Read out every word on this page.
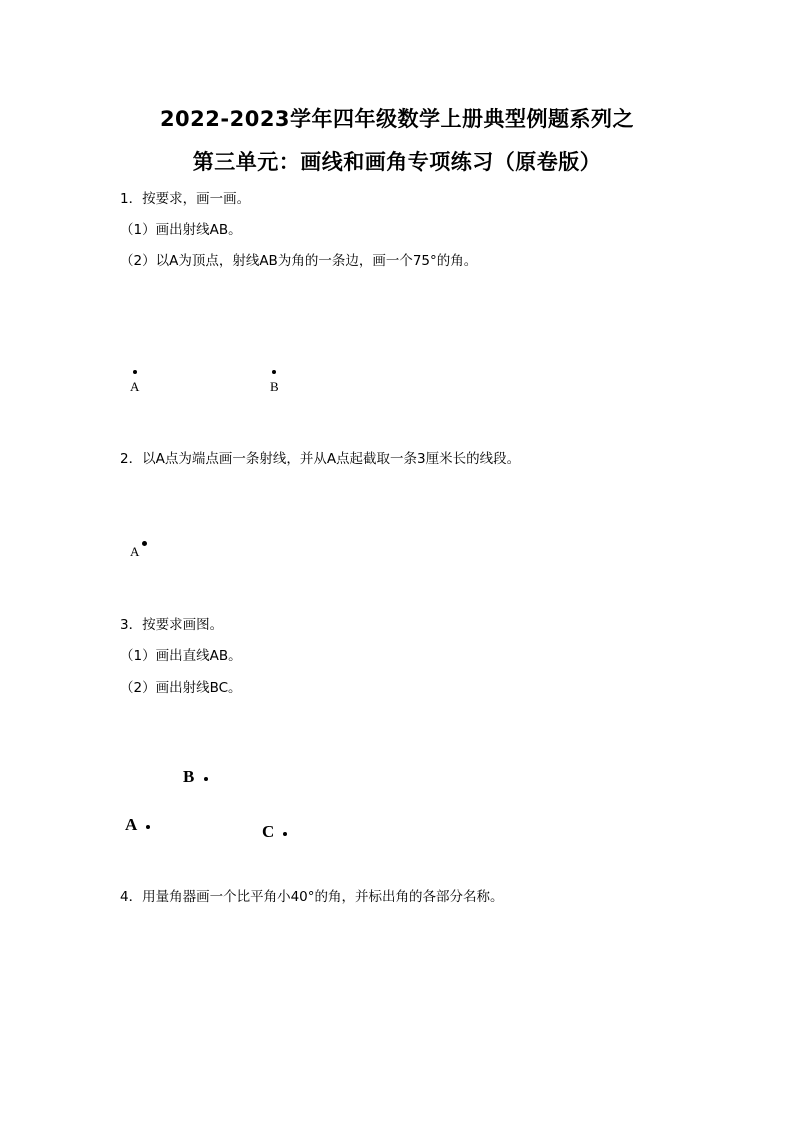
2022-2023学年四年级数学上册典型例题系列之
第三单元：画线和画角专项练习（原卷版）
1．按要求，画一画。
（1）画出射线AB。
（2）以A为顶点，射线AB为角的一条边，画一个75°的角。
A	B
2．以A点为端点画一条射线，并从A点起截取一条3厘米长的线段。
A
3．按要求画图。
（1）画出直线AB。
（2）画出射线BC。
B
A	C
4．用量角器画一个比平角小40°的角，并标出角的各部分名称。
